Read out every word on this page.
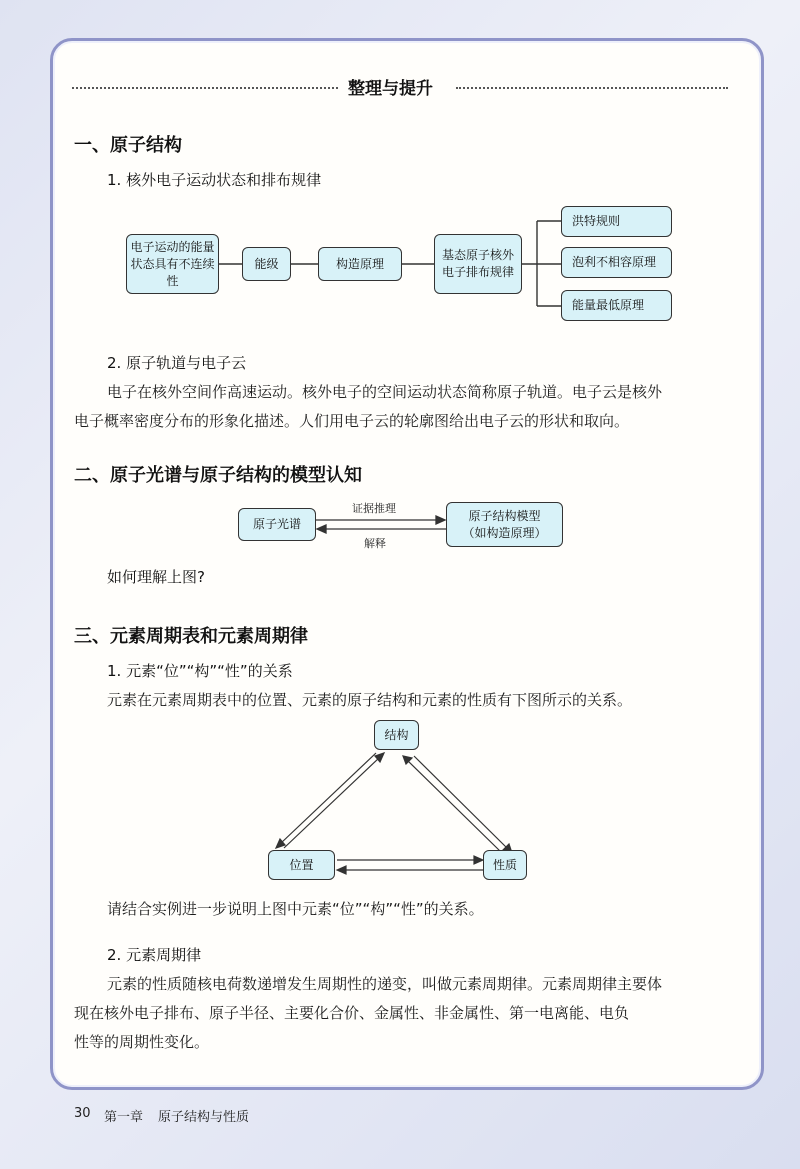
整理与提升
一、原子结构
1. 核外电子运动状态和排布规律
电子运动的能量状态具有不连续性
能级	构造原理
基态原子核外电子排布规律
洪特规则
泡利不相容原理
能量最低原理
2. 原子轨道与电子云
电子在核外空间作高速运动。核外电子的空间运动状态简称原子轨道。电子云是核外
电子概率密度分布的形象化描述。人们用电子云的轮廓图给出电子云的形状和取向。
二、原子光谱与原子结构的模型认知
原子光谱
原子结构模型
（如构造原理）
证据推理
解释
如何理解上图?
三、元素周期表和元素周期律
1. 元素“位”“构”“性”的关系
元素在元素周期表中的位置、元素的原子结构和元素的性质有下图所示的关系。
结构
位置	性质
请结合实例进一步说明上图中元素“位”“构”“性”的关系。
2. 元素周期律
元素的性质随核电荷数递增发生周期性的递变，叫做元素周期律。元素周期律主要体
现在核外电子排布、原子半径、主要化合价、金属性、非金属性、第一电离能、电负
性等的周期性变化。
30 第一章 原子结构与性质
